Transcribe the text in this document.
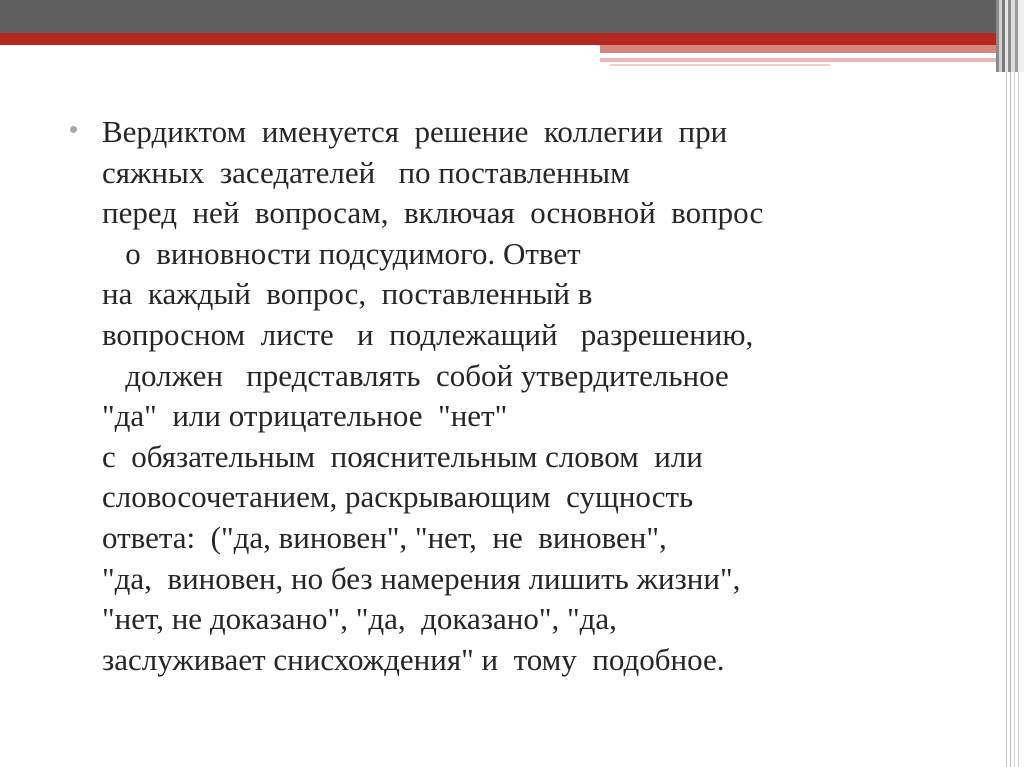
Вердиктом  именуется  решение  коллегии  при
сяжных  заседателей   по поставленным
перед  ней  вопросам,  включая  основной  вопрос
о  виновности подсудимого. Ответ
на  каждый  вопрос,  поставленный в
вопросном  листе   и  подлежащий   разрешению,
должен   представлять  собой утвердительное
"да"  или отрицательное  "нет"
с  обязательным  пояснительным словом  или
словосочетанием, раскрывающим  сущность
ответа:  ("да, виновен", "нет,  не  виновен",
"да,  виновен, но без намерения лишить жизни",
"нет, не доказано", "да,  доказано", "да,
заслуживает снисхождения" и  тому  подобное.
